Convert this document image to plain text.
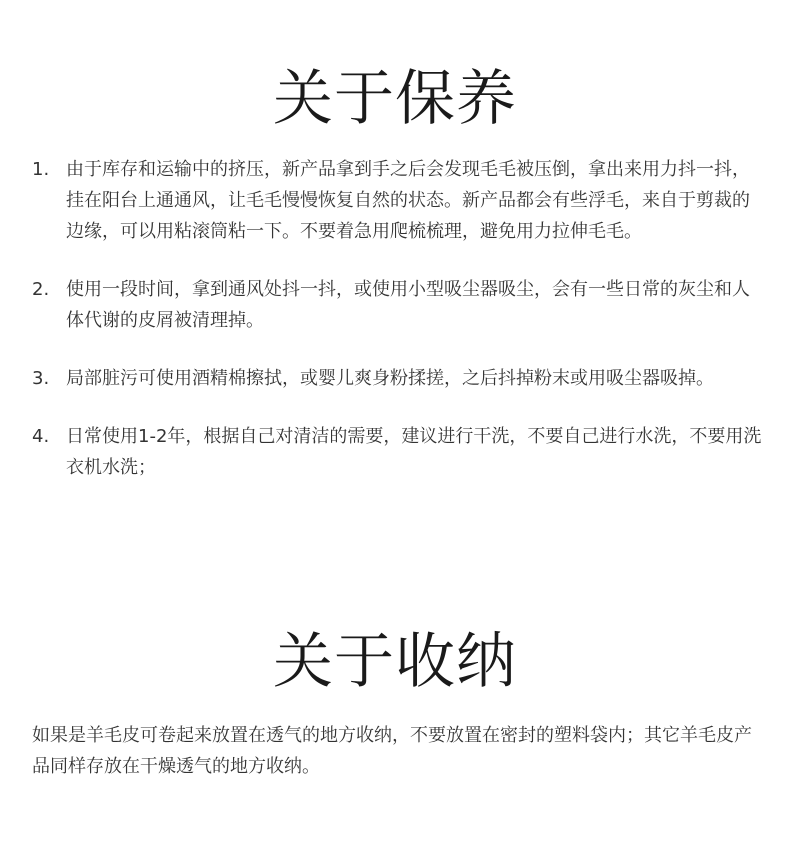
关于保养
1. 由于库存和运输中的挤压，新产品拿到手之后会发现毛毛被压倒，拿出来用力抖一抖，挂在阳台上通通风，让毛毛慢慢恢复自然的状态。新产品都会有些浮毛，来自于剪裁的边缘，可以用粘滚筒粘一下。不要着急用爬梳梳理，避免用力拉伸毛毛。
2. 使用一段时间，拿到通风处抖一抖，或使用小型吸尘器吸尘，会有一些日常的灰尘和人体代谢的皮屑被清理掉。
3. 局部脏污可使用酒精棉擦拭，或婴儿爽身粉揉搓，之后抖掉粉末或用吸尘器吸掉。
4. 日常使用1-2年，根据自己对清洁的需要，建议进行干洗，不要自己进行水洗，不要用洗衣机水洗；
关于收纳

如果是羊毛皮可卷起来放置在透气的地方收纳，不要放置在密封的塑料袋内；其它羊毛皮产品同样存放在干燥透气的地方收纳。
